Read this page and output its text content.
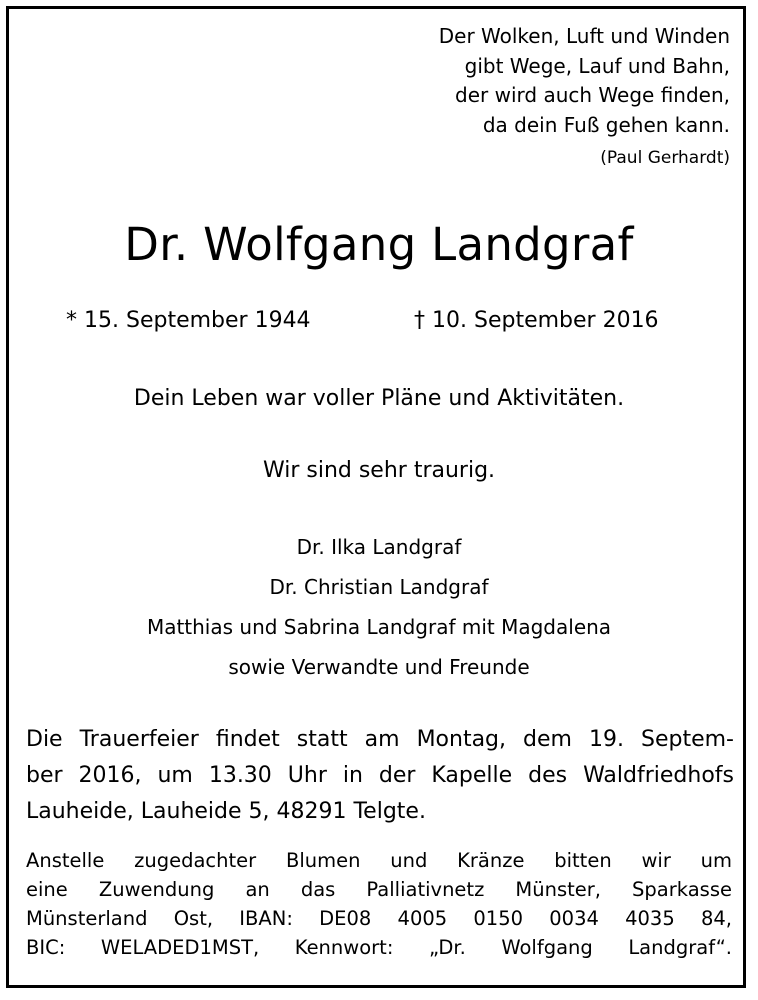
Der Wolken, Luft und Winden
gibt Wege, Lauf und Bahn,
der wird auch Wege finden,
da dein Fuß gehen kann.
(Paul Gerhardt)
Dr. Wolfgang Landgraf
* 15. September 1944	† 10. September 2016
Dein Leben war voller Pläne und Aktivitäten.
Wir sind sehr traurig.
Dr. Ilka Landgraf
Dr. Christian Landgraf
Matthias und Sabrina Landgraf mit Magdalena
sowie Verwandte und Freunde
Die Trauerfeier findet statt am Montag, dem 19. Septem-
ber 2016, um 13.30 Uhr in der Kapelle des Waldfriedhofs
Lauheide, Lauheide 5, 48291 Telgte.
Anstelle zugedachter Blumen und Kränze bitten wir um
eine Zuwendung an das Palliativnetz Münster, Sparkasse
Münsterland Ost, IBAN: DE08 4005 0150 0034 4035 84,
BIC: WELADED1MST, Kennwort: „Dr. Wolfgang Landgraf“.
